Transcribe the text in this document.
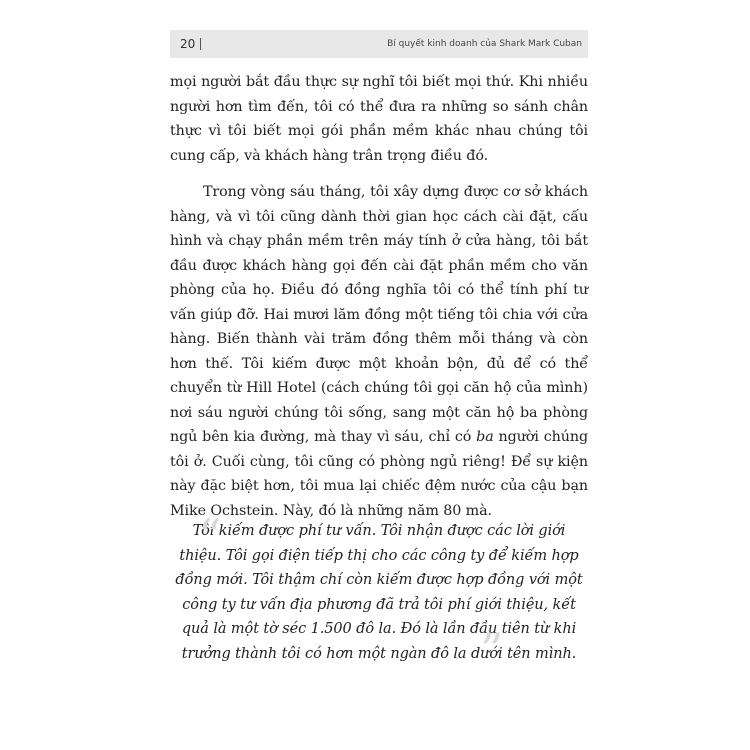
20	Bí quyết kinh doanh của Shark Mark Cuban

mọi người bắt đầu thực sự nghĩ tôi biết mọi thứ. Khi nhiều người hơn tìm đến, tôi có thể đưa ra những so sánh chân thực vì tôi biết mọi gói phần mềm khác nhau chúng tôi cung cấp, và khách hàng trân trọng điều đó.

Trong vòng sáu tháng, tôi xây dựng được cơ sở khách hàng, và vì tôi cũng dành thời gian học cách cài đặt, cấu hình và chạy phần mềm trên máy tính ở cửa hàng, tôi bắt đầu được khách hàng gọi đến cài đặt phần mềm cho văn phòng của họ. Điều đó đồng nghĩa tôi có thể tính phí tư vấn giúp đỡ. Hai mươi lăm đồng một tiếng tôi chia với cửa hàng. Biến thành vài trăm đồng thêm mỗi tháng và còn hơn thế. Tôi kiếm được một khoản bộn, đủ để có thể chuyển từ Hill Hotel (cách chúng tôi gọi căn hộ của mình) nơi sáu người chúng tôi sống, sang một căn hộ ba phòng ngủ bên kia đường, mà thay vì sáu, chỉ có ba người chúng tôi ở. Cuối cùng, tôi cũng có phòng ngủ riêng! Để sự kiện này đặc biệt hơn, tôi mua lại chiếc đệm nước của cậu bạn Mike Ochstein. Này, đó là những năm 80 mà.

“

Tôi kiếm được phí tư vấn. Tôi nhận được các lời giới thiệu. Tôi gọi điện tiếp thị cho các công ty để kiếm hợp đồng mới. Tôi thậm chí còn kiếm được hợp đồng với một công ty tư vấn địa phương đã trả tôi phí giới thiệu, kết quả là một tờ séc 1.500 đô la. Đó là lần đầu tiên từ khi trưởng thành tôi có hơn một ngàn đô la dưới tên mình.

”
